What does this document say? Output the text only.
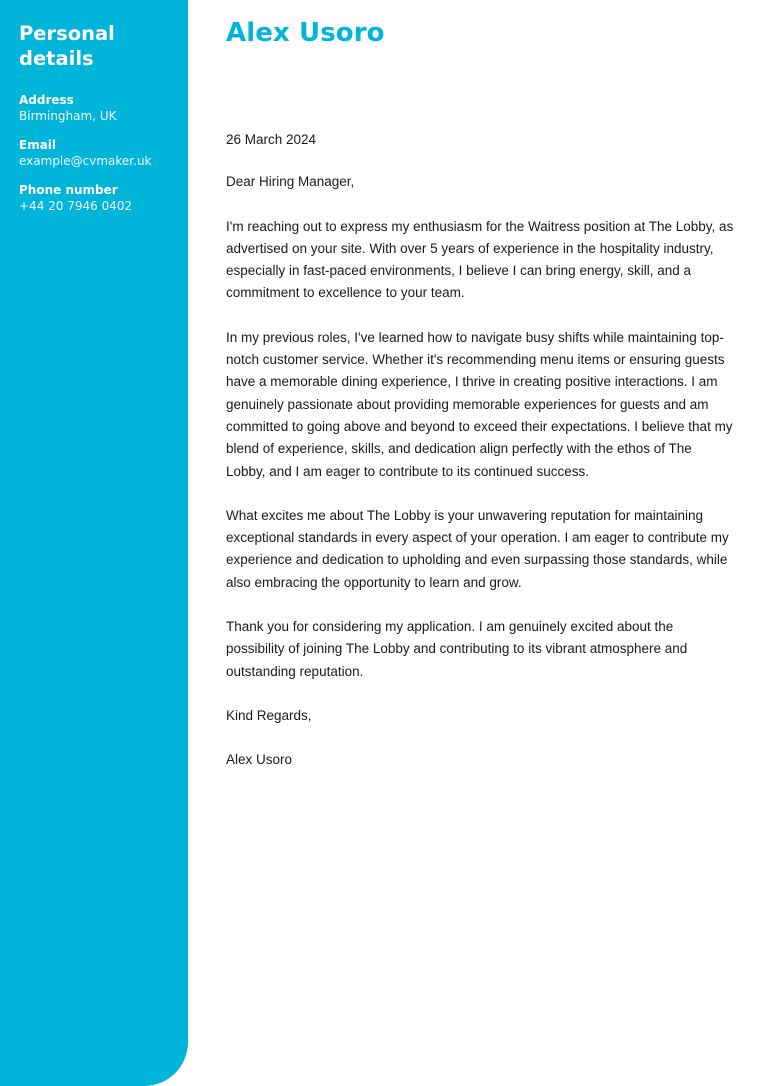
Personal details
Address
Birmingham, UK
Email
example@cvmaker.uk
Phone number
+44 20 7946 0402
Alex Usoro

26 March 2024

Dear Hiring Manager,

I'm reaching out to express my enthusiasm for the Waitress position at The Lobby, as advertised on your site. With over 5 years of experience in the hospitality industry, especially in fast-paced environments, I believe I can bring energy, skill, and a commitment to excellence to your team.

In my previous roles, I've learned how to navigate busy shifts while maintaining top-notch customer service. Whether it's recommending menu items or ensuring guests have a memorable dining experience, I thrive in creating positive interactions. I am genuinely passionate about providing memorable experiences for guests and am committed to going above and beyond to exceed their expectations. I believe that my blend of experience, skills, and dedication align perfectly with the ethos of The Lobby, and I am eager to contribute to its continued success.

What excites me about The Lobby is your unwavering reputation for maintaining exceptional standards in every aspect of your operation. I am eager to contribute my experience and dedication to upholding and even surpassing those standards, while also embracing the opportunity to learn and grow.

Thank you for considering my application. I am genuinely excited about the possibility of joining The Lobby and contributing to its vibrant atmosphere and outstanding reputation.

Kind Regards,

Alex Usoro
